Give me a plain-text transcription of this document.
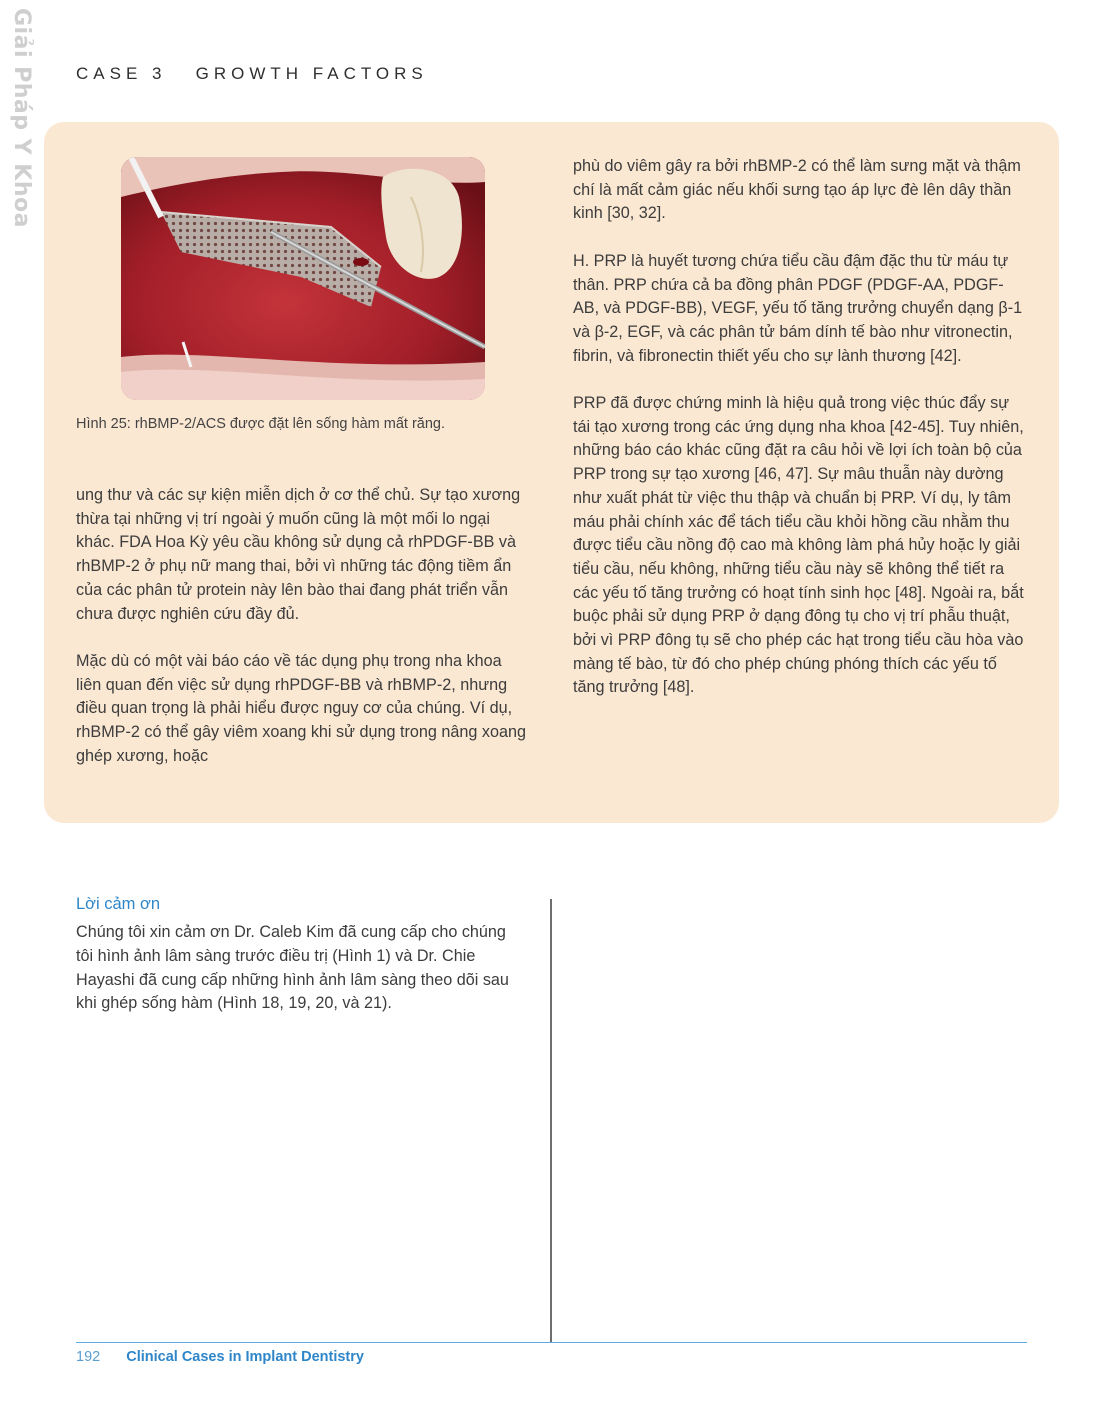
Giải Pháp Y Khoa CASE 3   GROWTH FACTORS
Hình 25: rhBMP-2/ACS được đặt lên sống hàm mất răng.

ung thư và các sự kiện miễn dịch ở cơ thể chủ. Sự tạo xương thừa tại những vị trí ngoài ý muốn cũng là một mối lo ngại khác. FDA Hoa Kỳ yêu cầu không sử dụng cả rhPDGF-BB và rhBMP-2 ở phụ nữ mang thai, bởi vì những tác động tiềm ẩn của các phân tử protein này lên bào thai đang phát triển vẫn chưa được nghiên cứu đầy đủ.

Mặc dù có một vài báo cáo về tác dụng phụ trong nha khoa liên quan đến việc sử dụng rhPDGF-BB và rhBMP-2, nhưng điều quan trọng là phải hiểu được nguy cơ của chúng. Ví dụ, rhBMP-2 có thể gây viêm xoang khi sử dụng trong nâng xoang ghép xương, hoặc

phù do viêm gây ra bởi rhBMP-2 có thể làm sưng mặt và thậm chí là mất cảm giác nếu khối sưng tạo áp lực đè lên dây thần kinh [30, 32].

H. PRP là huyết tương chứa tiểu cầu đậm đặc thu từ máu tự thân. PRP chứa cả ba đồng phân PDGF (PDGF-AA, PDGF-AB, và PDGF-BB), VEGF, yếu tố tăng trưởng chuyển dạng β-1 và β-2, EGF, và các phân tử bám dính tế bào như vitronectin, fibrin, và fibronectin thiết yếu cho sự lành thương [42].

PRP đã được chứng minh là hiệu quả trong việc thúc đẩy sự tái tạo xương trong các ứng dụng nha khoa [42-45]. Tuy nhiên, những báo cáo khác cũng đặt ra câu hỏi về lợi ích toàn bộ của PRP trong sự tạo xương [46, 47]. Sự mâu thuẫn này dường như xuất phát từ việc thu thập và chuẩn bị PRP. Ví dụ, ly tâm máu phải chính xác để tách tiểu cầu khỏi hồng cầu nhằm thu được tiểu cầu nồng độ cao mà không làm phá hủy hoặc ly giải tiểu cầu, nếu không, những tiểu cầu này sẽ không thể tiết ra các yếu tố tăng trưởng có hoạt tính sinh học [48]. Ngoài ra, bắt buộc phải sử dụng PRP ở dạng đông tụ cho vị trí phẫu thuật, bởi vì PRP đông tụ sẽ cho phép các hạt trong tiểu cầu hòa vào màng tế bào, từ đó cho phép chúng phóng thích các yếu tố tăng trưởng [48].

Lời cảm ơn
Chúng tôi xin cảm ơn Dr. Caleb Kim đã cung cấp cho chúng tôi hình ảnh lâm sàng trước điều trị (Hình 1) và Dr. Chie Hayashi đã cung cấp những hình ảnh lâm sàng theo dõi sau khi ghép sống hàm (Hình 18, 19, 20, và 21).
192 Clinical Cases in Implant Dentistry
